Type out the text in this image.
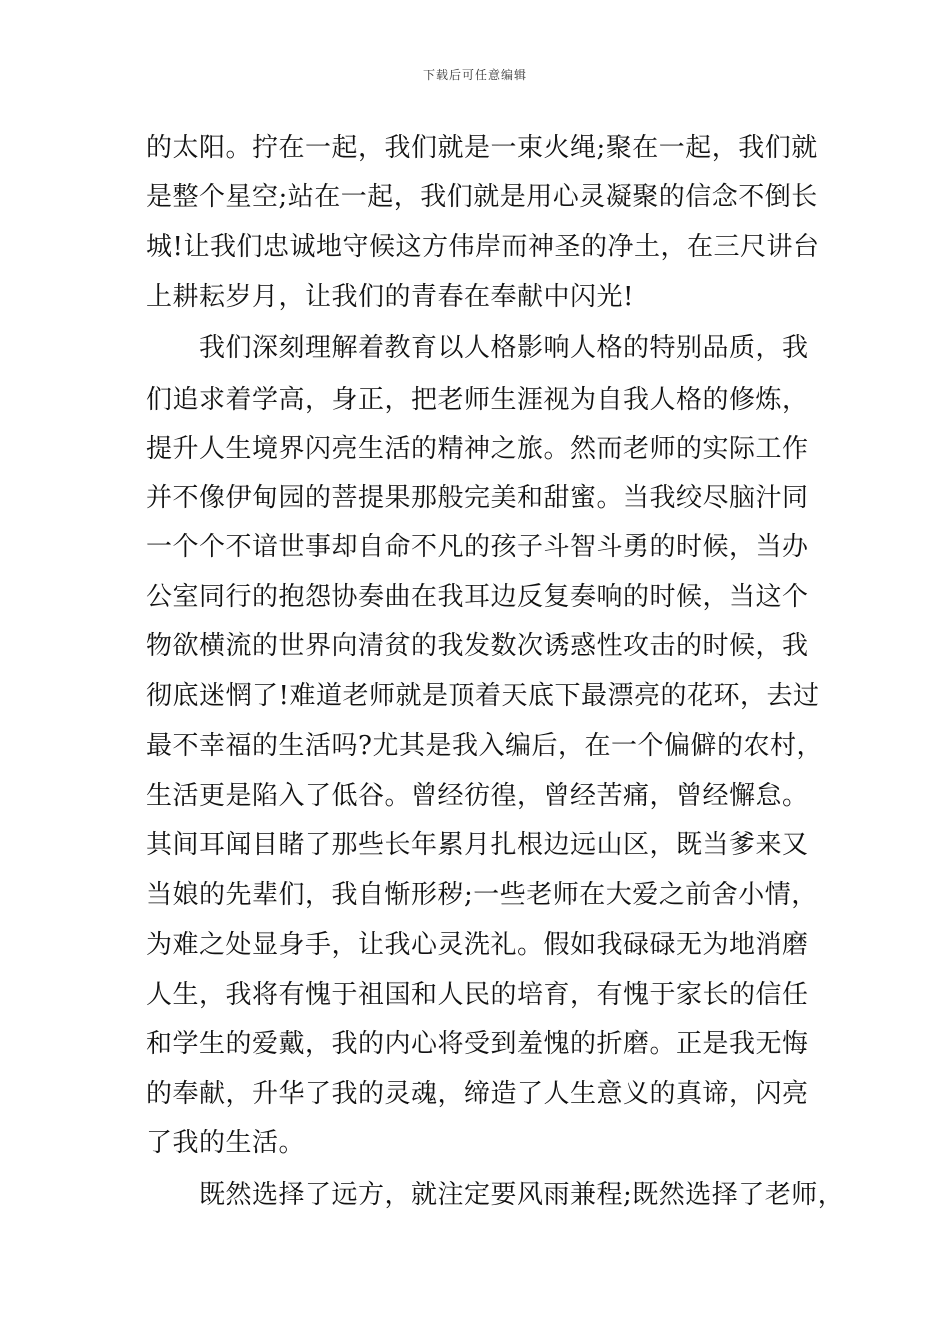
下载后可任意编辑
的太阳。拧在一起，我们就是一束火绳;聚在一起，我们就
是整个星空;站在一起，我们就是用心灵凝聚的信念不倒长
城!让我们忠诚地守候这方伟岸而神圣的净土，在三尺讲台
上耕耘岁月，让我们的青春在奉献中闪光!
　　我们深刻理解着教育以人格影响人格的特别品质，我
们追求着学高，身正，把老师生涯视为自我人格的修炼，
提升人生境界闪亮生活的精神之旅。然而老师的实际工作
并不像伊甸园的菩提果那般完美和甜蜜。当我绞尽脑汁同
一个个不谙世事却自命不凡的孩子斗智斗勇的时候，当办
公室同行的抱怨协奏曲在我耳边反复奏响的时候，当这个
物欲横流的世界向清贫的我发数次诱惑性攻击的时候，我
彻底迷惘了!难道老师就是顶着天底下最漂亮的花环，去过
最不幸福的生活吗?尤其是我入编后，在一个偏僻的农村，
生活更是陷入了低谷。曾经彷徨，曾经苦痛，曾经懈怠。
其间耳闻目睹了那些长年累月扎根边远山区，既当爹来又
当娘的先辈们，我自惭形秽;一些老师在大爱之前舍小情，
为难之处显身手，让我心灵洗礼。假如我碌碌无为地消磨
人生，我将有愧于祖国和人民的培育，有愧于家长的信任
和学生的爱戴，我的内心将受到羞愧的折磨。正是我无悔
的奉献，升华了我的灵魂，缔造了人生意义的真谛，闪亮
了我的生活。
　　既然选择了远方，就注定要风雨兼程;既然选择了老师，
